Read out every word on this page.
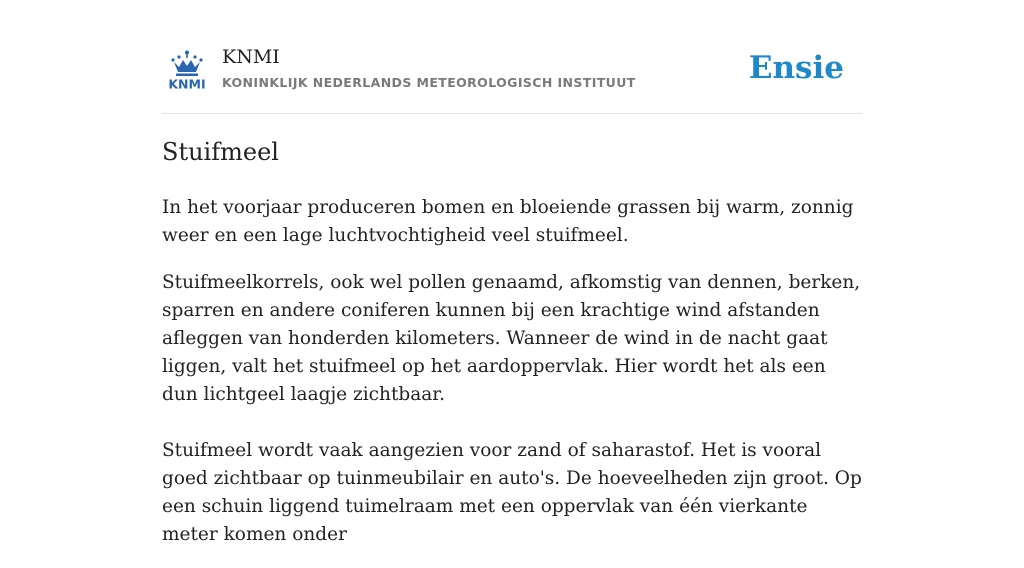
KNMI
KNMI
KONINKLIJK NEDERLANDS METEOROLOGISCH INSTITUUT	Ensie
Stuifmeel

In het voorjaar produceren bomen en bloeiende grassen bij warm, zonnig weer en een lage luchtvochtigheid veel stuifmeel.

Stuifmeelkorrels, ook wel pollen genaamd, afkomstig van dennen, berken, sparren en andere coniferen kunnen bij een krachtige wind afstanden afleggen van honderden kilometers. Wanneer de wind in de nacht gaat liggen, valt het stuifmeel op het aardoppervlak. Hier wordt het als een dun lichtgeel laagje zichtbaar.

Stuifmeel wordt vaak aangezien voor zand of saharastof. Het is vooral goed zichtbaar op tuinmeubilair en auto's. De hoeveelheden zijn groot. Op een schuin liggend tuimelraam met een oppervlak van één vierkante meter komen onder
